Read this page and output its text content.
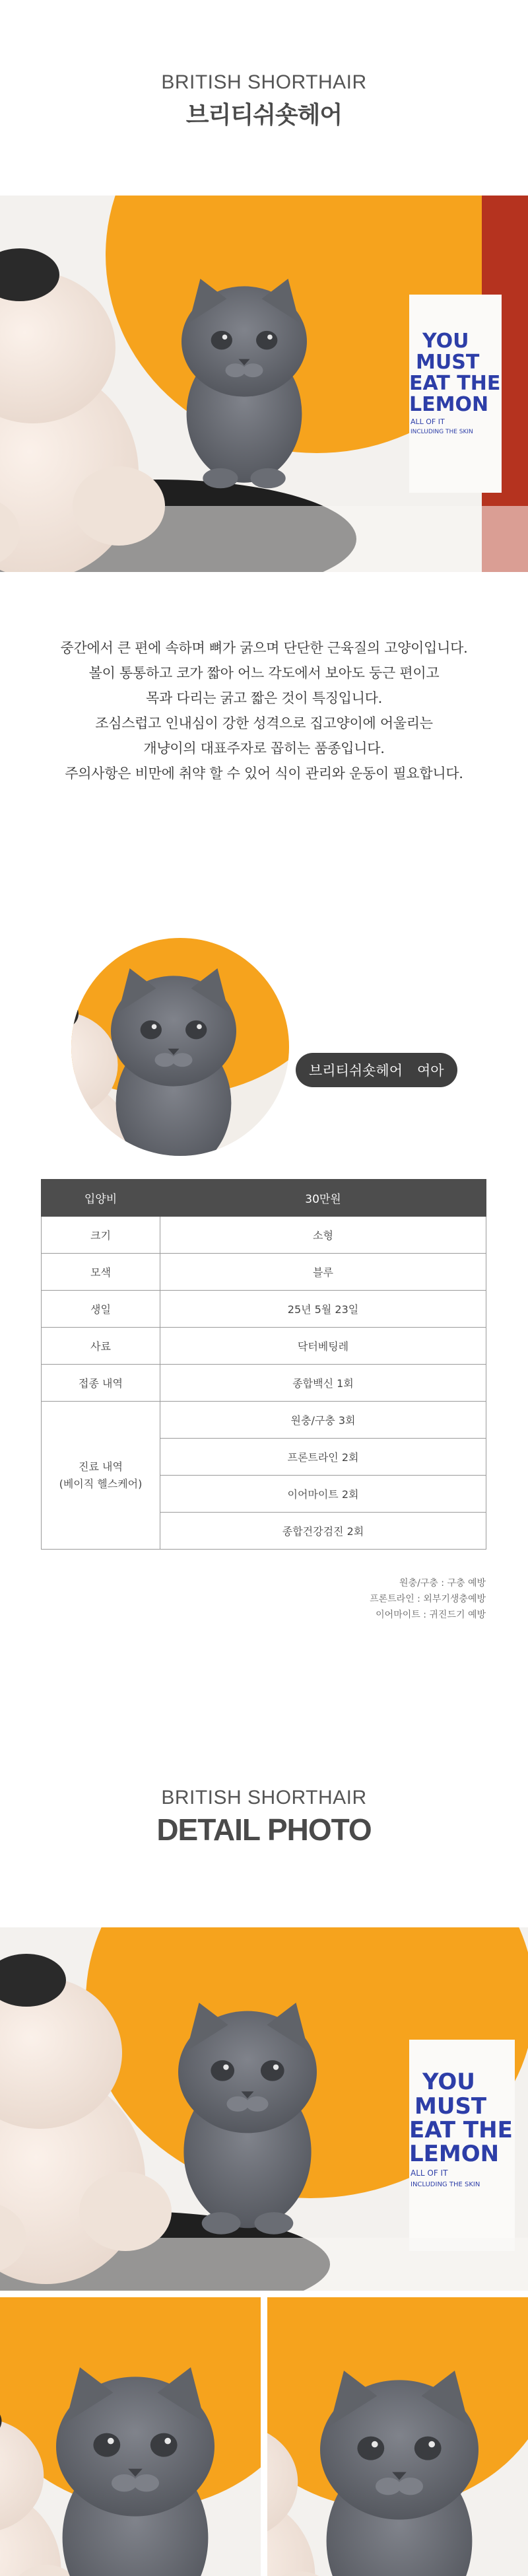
BRITISH SHORTHAIR
브리티쉬숏헤어
YOU
MUST
EAT THE
LEMON
ALL OF IT
INCLUDING THE SKIN

중간에서 큰 편에 속하며 뼈가 굵으며 단단한 근육질의 고양이입니다.

볼이 통통하고 코가 짧아 어느 각도에서 보아도 둥근 편이고

목과 다리는 굵고 짧은 것이 특징입니다.

조심스럽고 인내심이 강한 성격으로 집고양이에 어울리는

개냥이의 대표주자로 꼽히는 품종입니다.

주의사항은 비만에 취약 할 수 있어 식이 관리와 운동이 필요합니다.

브리티쉬숏헤어 여아
입양비	30만원
크기	소형
모색	블루
생일	25년 5월 23일
사료	닥터베팅레
접종 내역	종합백신 1회

진료 내역
(베이직 헬스케어)	원충/구충 3회
	프론트라인 2회
	이어마이트 2회
	종합건강검진 2회
원충/구충 : 구충 예방
프론트라인 : 외부기생충예방
이어마이트 : 귀진드기 예방
BRITISH SHORTHAIR
DETAIL PHOTO
YOU
MUST
EAT THE
LEMON
ALL OF IT
INCLUDING THE SKIN
